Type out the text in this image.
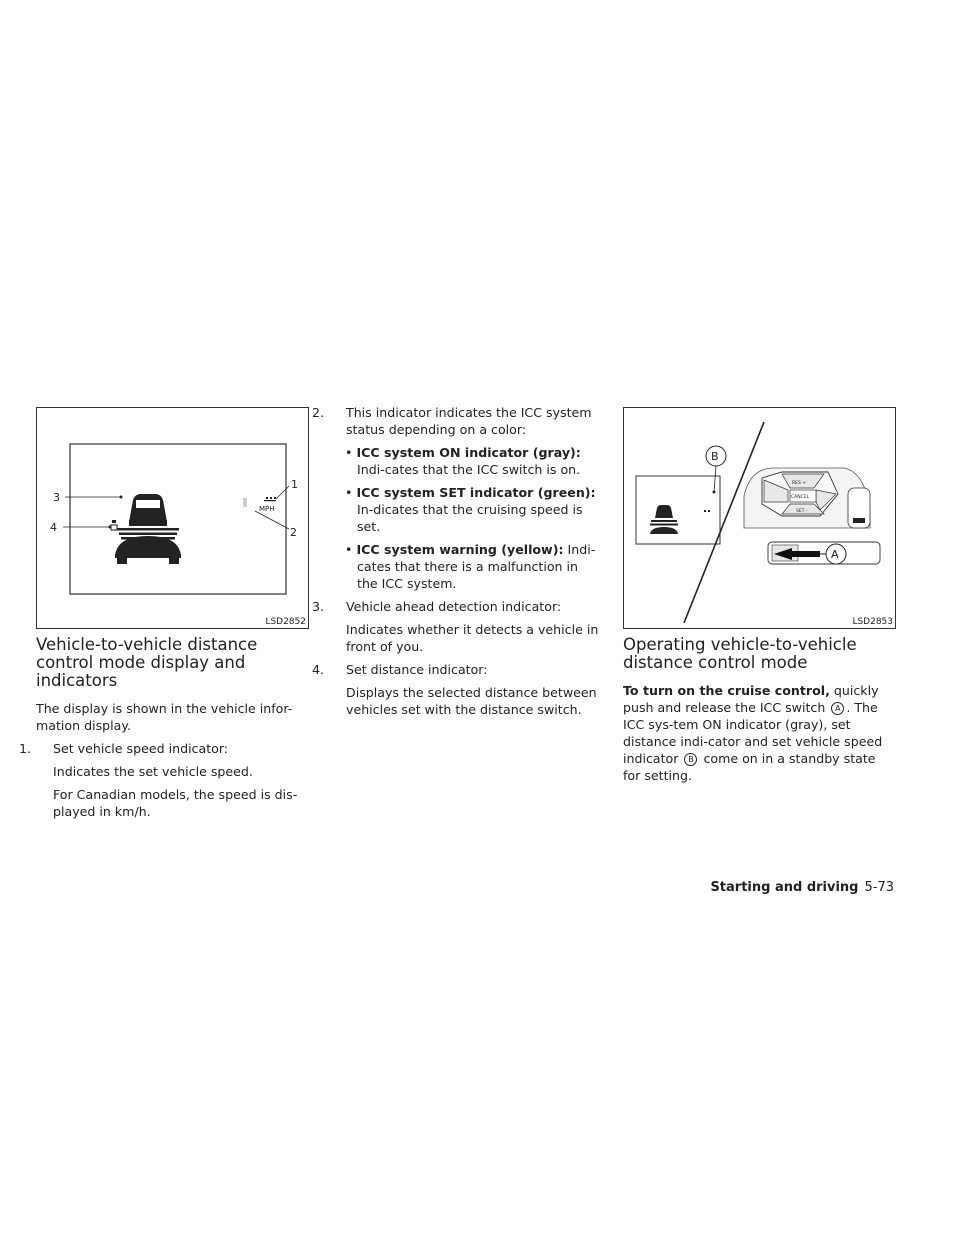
MPH
1
2
3
4
LSD2852
RES +
CANCEL
SET -
A
B
LSD2853
Vehicle-to-vehicle distance control mode display and indicators

The display is shown in the vehicle infor-mation display.

1. Set vehicle speed indicator:

Indicates the set vehicle speed.

For Canadian models, the speed is dis-played in km/h.

2. This indicator indicates the ICC system status depending on a color:

• ICC system ON indicator (gray): Indi-cates that the ICC switch is on.

• ICC system SET indicator (green): In-dicates that the cruising speed is set.

• ICC system warning (yellow): Indi-cates that there is a malfunction in the ICC system.

3. Vehicle ahead detection indicator:

Indicates whether it detects a vehicle in front of you.

4. Set distance indicator:

Displays the selected distance between vehicles set with the distance switch.

Operating vehicle-to-vehicle distance control mode

To turn on the cruise control, quickly push and release the ICC switch A . The ICC sys-tem ON indicator (gray), set distance indi-cator and set vehicle speed indicator B come on in a standby state for setting.

Starting and driving 5-73
